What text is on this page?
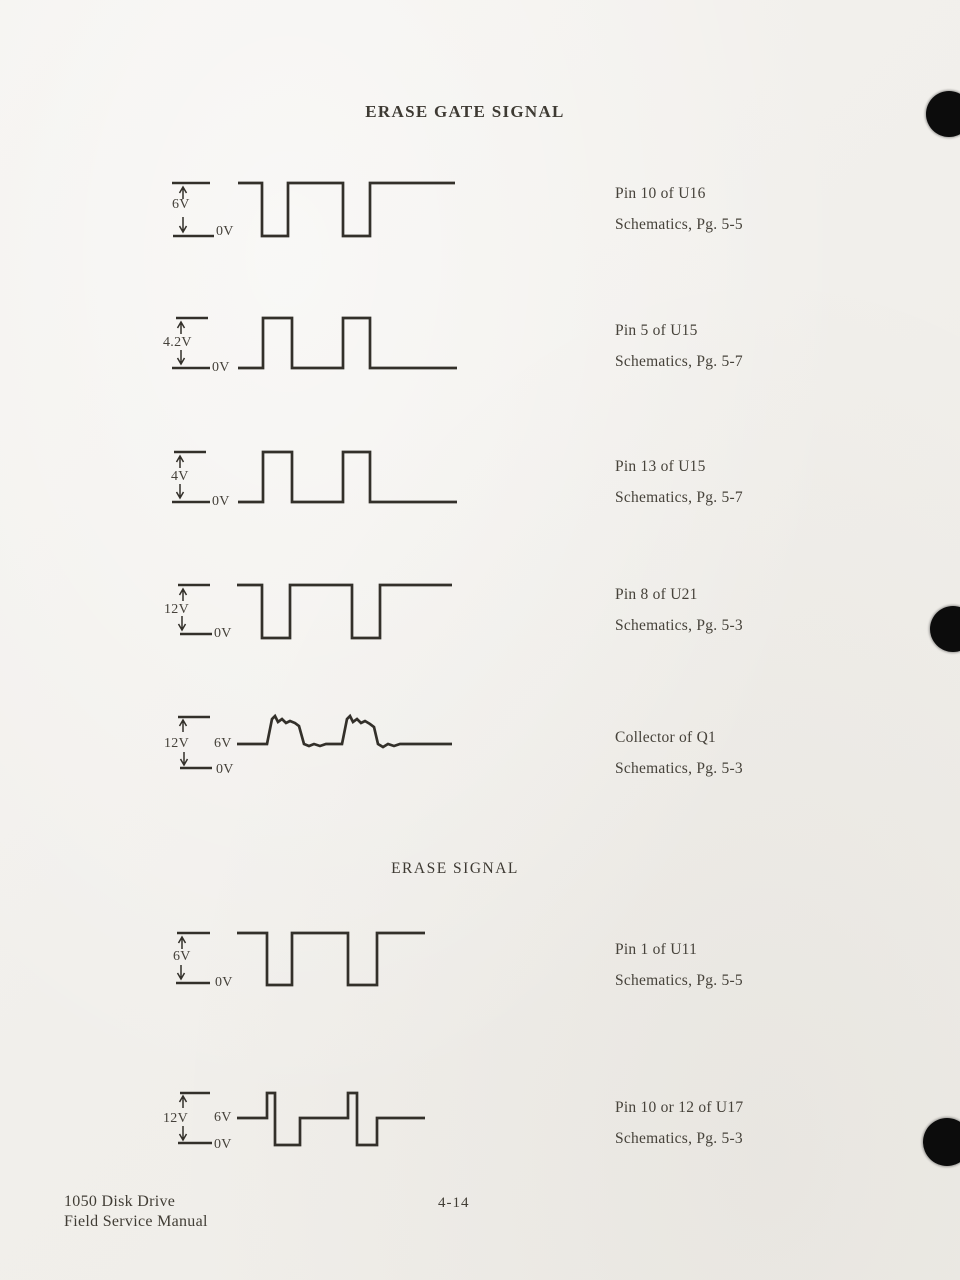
ERASE GATE SIGNAL
ERASE SIGNAL
6V
0V
Pin 10 of U16
Schematics, Pg. 5-5
4.2V
0V
Pin 5 of U15
Schematics, Pg. 5-7
4V
0V
Pin 13 of U15
Schematics, Pg. 5-7
12V
0V
Pin 8 of U21
Schematics, Pg. 5-3
12V 6V
0V
Collector of Q1
Schematics, Pg. 5-3
6V
0V
Pin 1 of U11
Schematics, Pg. 5-5
12V 6V
0V
Pin 10 or 12 of U17
Schematics, Pg. 5-3
1050 Disk Drive
Field Service Manual
4-14
